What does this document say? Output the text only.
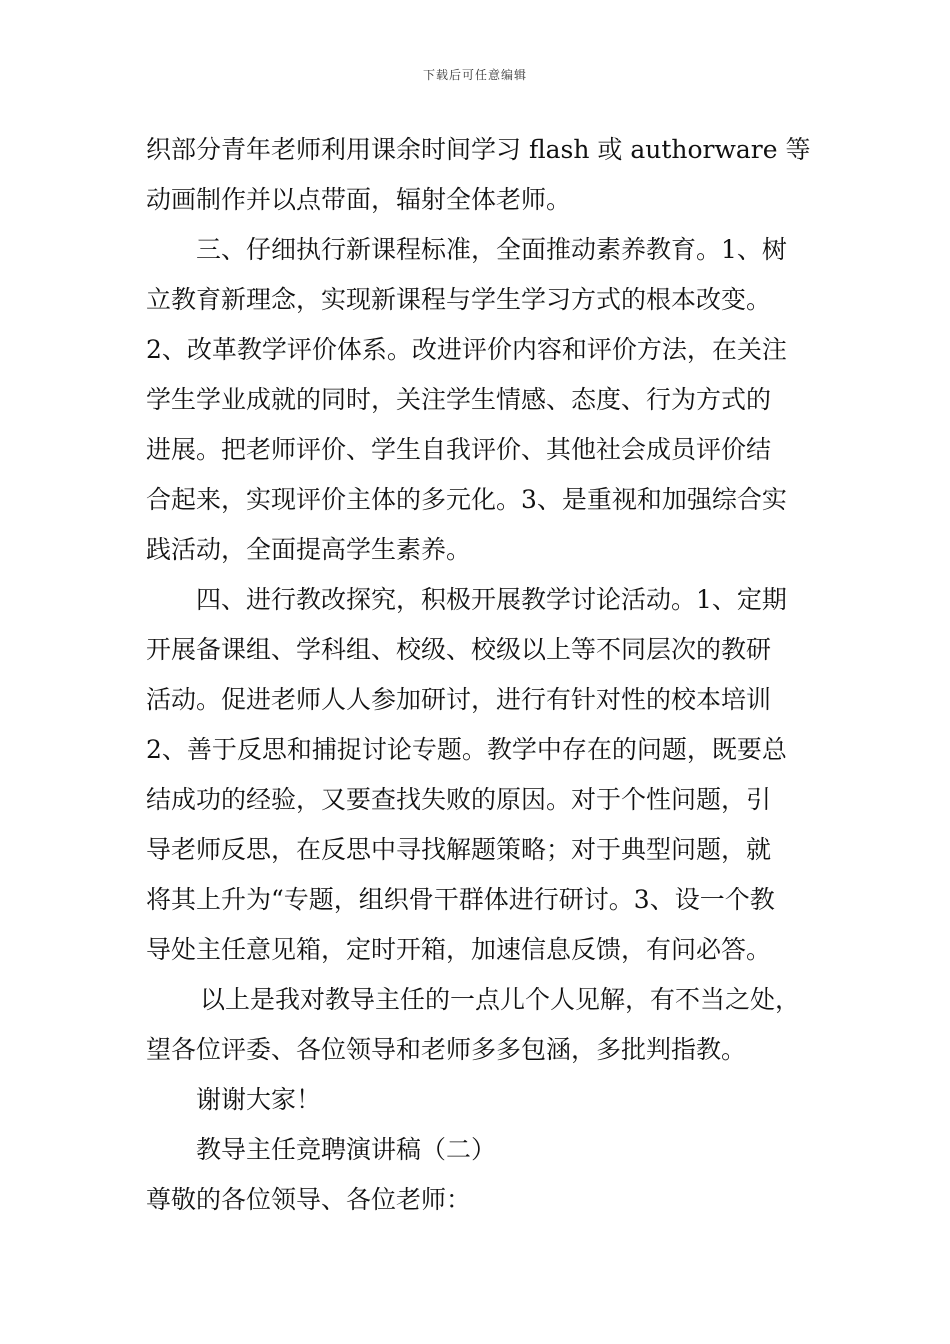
下载后可任意编辑
织部分青年老师利用课余时间学习 flash 或 authorware 等
动画制作并以点带面，辐射全体老师。
三、仔细执行新课程标准，全面推动素养教育。1、树
立教育新理念，实现新课程与学生学习方式的根本改变。
2、改革教学评价体系。改进评价内容和评价方法，在关注
学生学业成就的同时，关注学生情感、态度、行为方式的
进展。把老师评价、学生自我评价、其他社会成员评价结
合起来，实现评价主体的多元化。3、是重视和加强综合实
践活动，全面提高学生素养。
四、进行教改探究，积极开展教学讨论活动。1、定期
开展备课组、学科组、校级、校级以上等不同层次的教研
活动。促进老师人人参加研讨，进行有针对性的校本培训
2、善于反思和捕捉讨论专题。教学中存在的问题，既要总
结成功的经验，又要查找失败的原因。对于个性问题，引
导老师反思，在反思中寻找解题策略；对于典型问题，就
将其上升为“专题，组织骨干群体进行研讨。3、设一个教
导处主任意见箱，定时开箱，加速信息反馈，有问必答。
以上是我对教导主任的一点儿个人见解，有不当之处，
望各位评委、各位领导和老师多多包涵，多批判指教。
谢谢大家！
教导主任竞聘演讲稿（二）
尊敬的各位领导、各位老师：
